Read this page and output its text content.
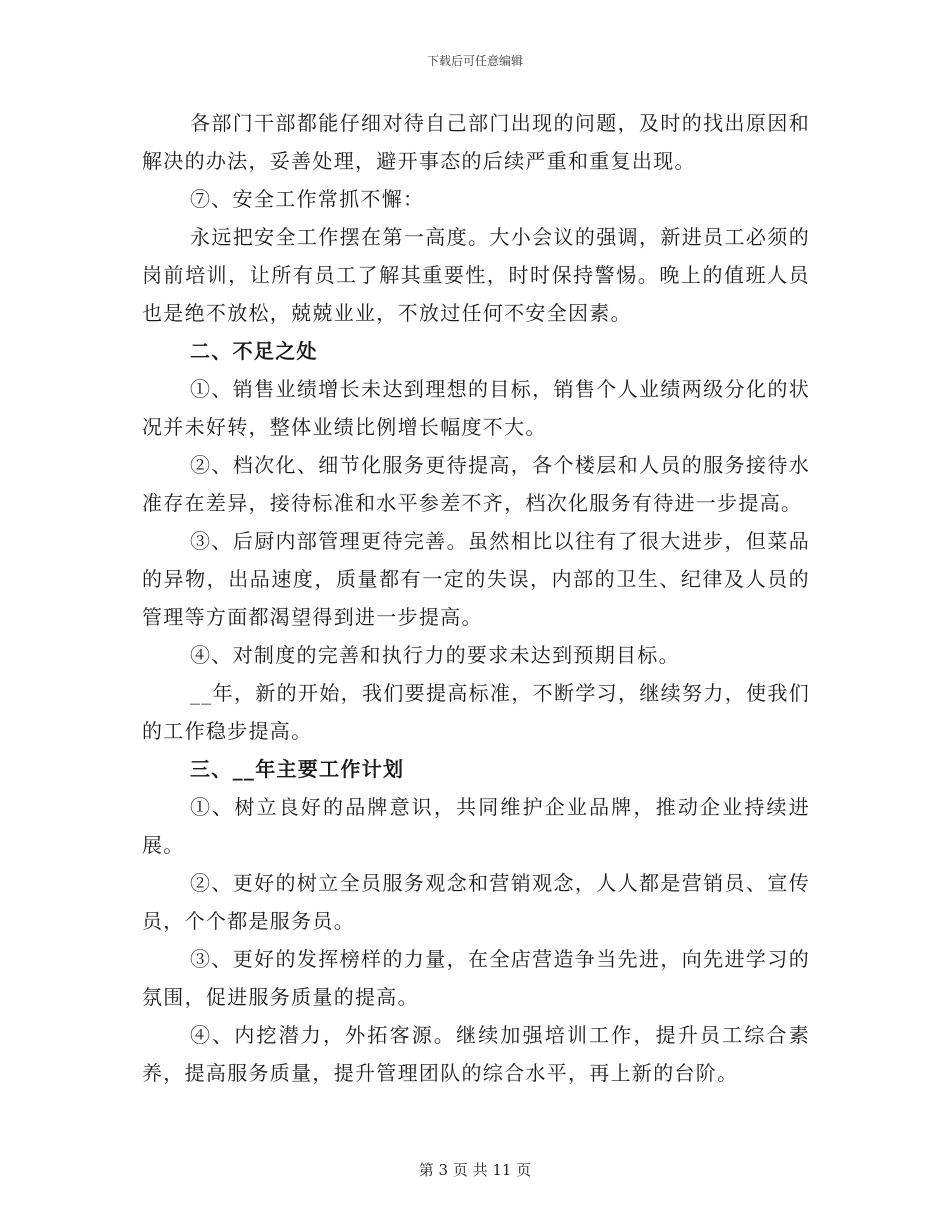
下载后可任意编辑

各部门干部都能仔细对待自己部门出现的问题，及时的找出原因和解决的办法，妥善处理，避开事态的后续严重和重复出现。

⑦、安全工作常抓不懈：

永远把安全工作摆在第一高度。大小会议的强调，新进员工必须的岗前培训，让所有员工了解其重要性，时时保持警惕。晚上的值班人员也是绝不放松，兢兢业业，不放过任何不安全因素。

二、不足之处

①、销售业绩增长未达到理想的目标，销售个人业绩两级分化的状况并未好转，整体业绩比例增长幅度不大。

②、档次化、细节化服务更待提高，各个楼层和人员的服务接待水准存在差异，接待标准和水平参差不齐，档次化服务有待进一步提高。

③、后厨内部管理更待完善。虽然相比以往有了很大进步，但菜品的异物，出品速度，质量都有一定的失误，内部的卫生、纪律及人员的管理等方面都渴望得到进一步提高。

④、对制度的完善和执行力的要求未达到预期目标。

__年，新的开始，我们要提高标准，不断学习，继续努力，使我们的工作稳步提高。

三、__年主要工作计划

①、树立良好的品牌意识，共同维护企业品牌，推动企业持续进展。

②、更好的树立全员服务观念和营销观念，人人都是营销员、宣传员，个个都是服务员。

③、更好的发挥榜样的力量，在全店营造争当先进，向先进学习的氛围，促进服务质量的提高。

④、内挖潜力，外拓客源。继续加强培训工作，提升员工综合素养，提高服务质量，提升管理团队的综合水平，再上新的台阶。

第 3 页 共 11 页
